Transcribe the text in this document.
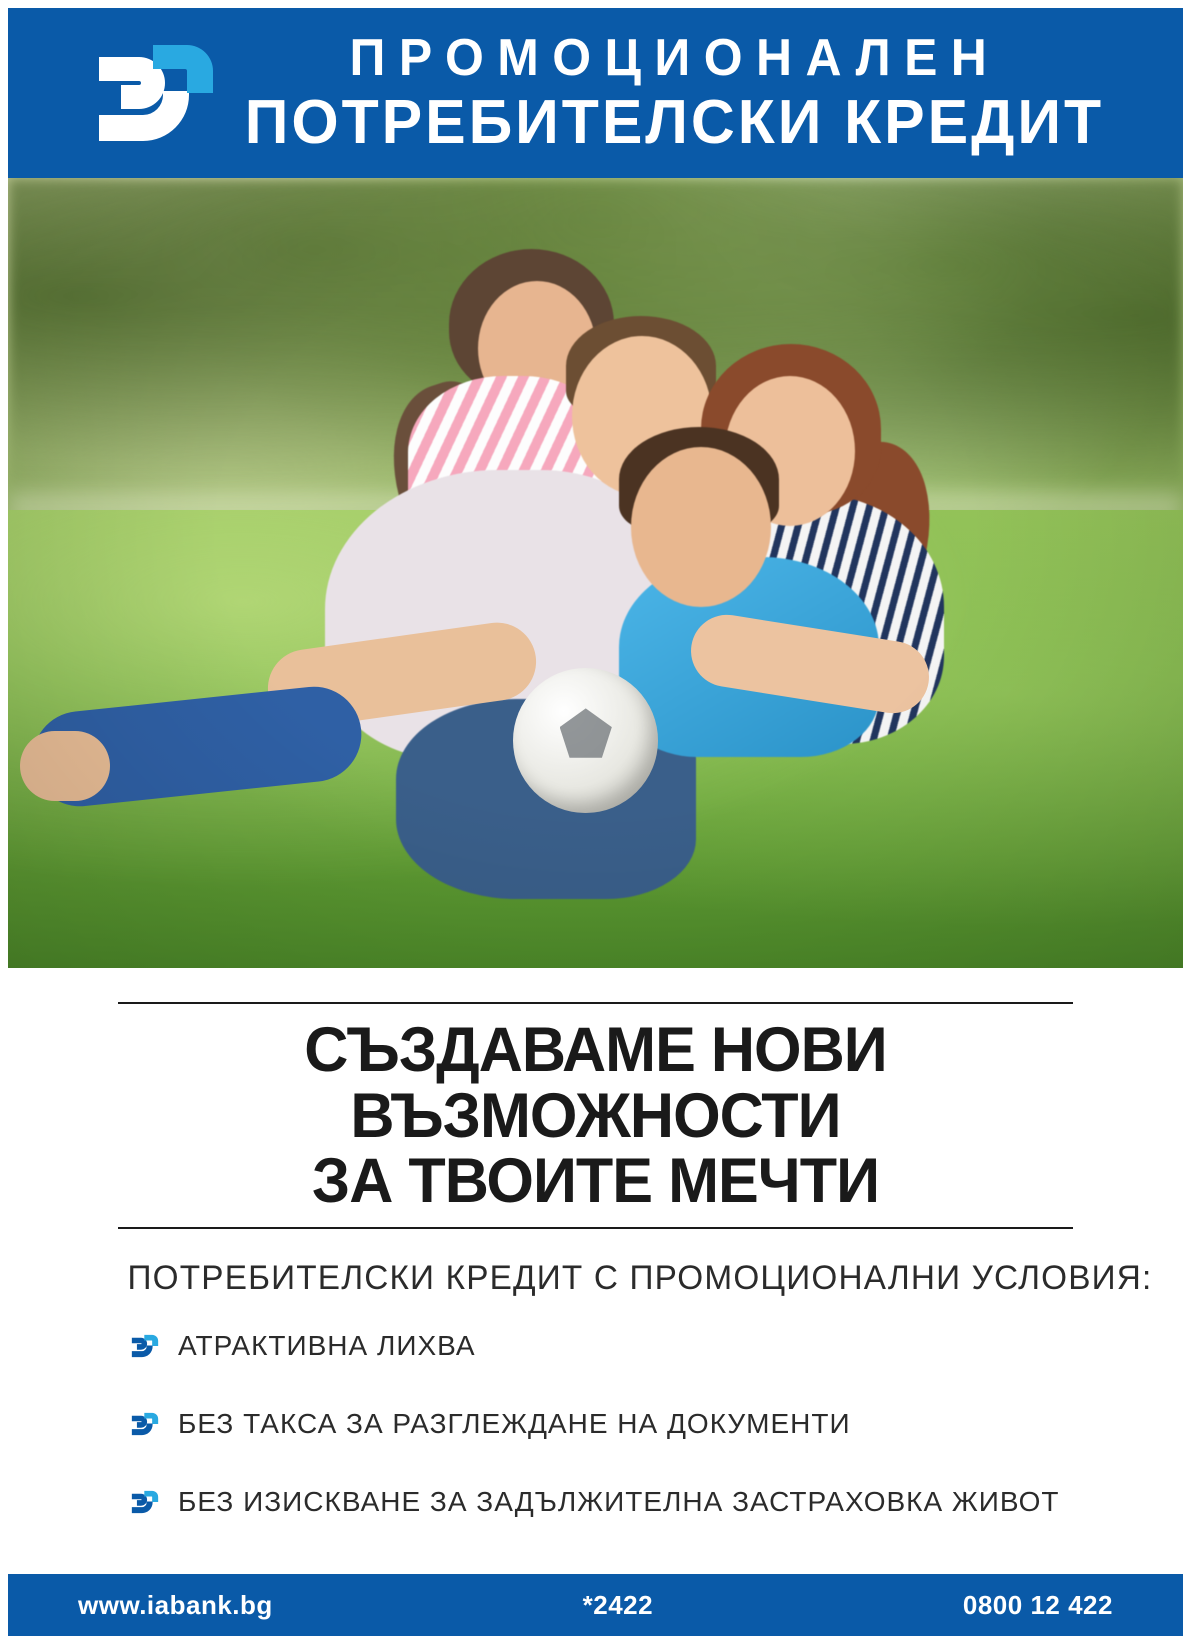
ПРОМОЦИОНАЛЕН
ПОТРЕБИТЕЛСКИ КРЕДИТ
СЪЗДАВАМЕ НОВИ ВЪЗМОЖНОСТИ
ЗА ТВОИТЕ МЕЧТИ
ПОТРЕБИТЕЛСКИ КРЕДИТ С ПРОМОЦИОНАЛНИ УСЛОВИЯ:
АТРАКТИВНА ЛИХВА
БЕЗ ТАКСА ЗА РАЗГЛЕЖДАНЕ НА ДОКУМЕНТИ
БЕЗ ИЗИСКВАНЕ ЗА ЗАДЪЛЖИТЕЛНА ЗАСТРАХОВКА ЖИВОТ
www.iabank.bg	*2422	0800 12 422
